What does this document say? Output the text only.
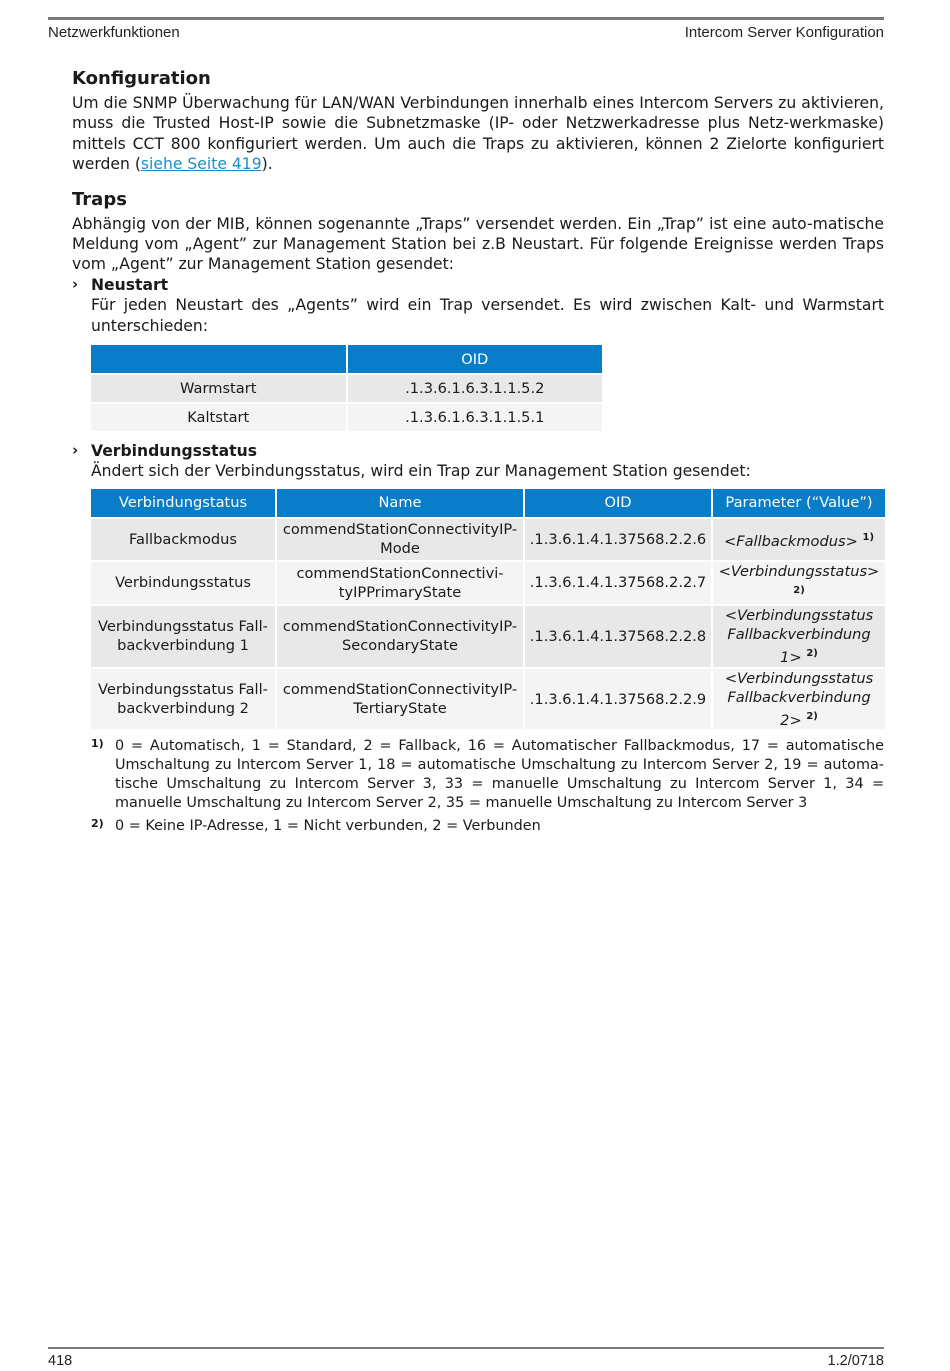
Netzwerkfunktionen	Intercom Server Konfiguration
Konfiguration

Um die SNMP Überwachung für LAN/WAN Verbindungen innerhalb eines Intercom Servers zu aktivieren, muss die Trusted Host-IP sowie die Subnetzmaske (IP- oder Netzwerkadresse plus Netz-werkmaske) mittels CCT 800 konfiguriert werden. Um auch die Traps zu aktivieren, können 2 Zielorte konfiguriert werden (siehe Seite 419).

Traps

Abhängig von der MIB, können sogenannte „Traps” versendet werden. Ein „Trap” ist eine auto-matische Meldung vom „Agent” zur Management Station bei z.B Neustart. Für folgende Ereignisse werden Traps vom „Agent” zur Management Station gesendet:

› Neustart

Für jeden Neustart des „Agents” wird ein Trap versendet. Es wird zwischen Kalt- und Warmstart unterschieden:

	OID
Warmstart	.1.3.6.1.6.3.1.1.5.2
Kaltstart	.1.3.6.1.6.3.1.1.5.1
› Verbindungsstatus

Ändert sich der Verbindungsstatus, wird ein Trap zur Management Station gesendet:

Verbindungstatus	Name	OID	Parameter (“Value”)
Fallbackmodus	commendStationConnectivityIP-Mode	.1.3.6.1.4.1.37568.2.2.6	<Fallbackmodus> $^{1)}$
Verbindungsstatus	commendStationConnectivi-tyIPPrimaryState	.1.3.6.1.4.1.37568.2.2.7	<Verbindungsstatus> $^{2)}$
Verbindungsstatus Fall-backverbindung 1	commendStationConnectivityIP-SecondaryState	.1.3.6.1.4.1.37568.2.2.8	<Verbindungsstatus Fallbackverbindung 1> $^{2)}$
Verbindungsstatus Fall-backverbindung 2	commendStationConnectivityIP-TertiaryState	.1.3.6.1.4.1.37568.2.2.9	<Verbindungsstatus Fallbackverbindung 2> $^{2)}$
1) 0 = Automatisch, 1 = Standard, 2 = Fallback, 16 = Automatischer Fallbackmodus, 17 = automatische Umschaltung zu Intercom Server 1, 18 = automatische Umschaltung zu Intercom Server 2, 19 = automa-tische Umschaltung zu Intercom Server 3, 33 = manuelle Umschaltung zu Intercom Server 1, 34 = manuelle Umschaltung zu Intercom Server 2, 35 = manuelle Umschaltung zu Intercom Server 3
2) 0 = Keine IP-Adresse, 1 = Nicht verbunden, 2 = Verbunden
418	1.2/0718
